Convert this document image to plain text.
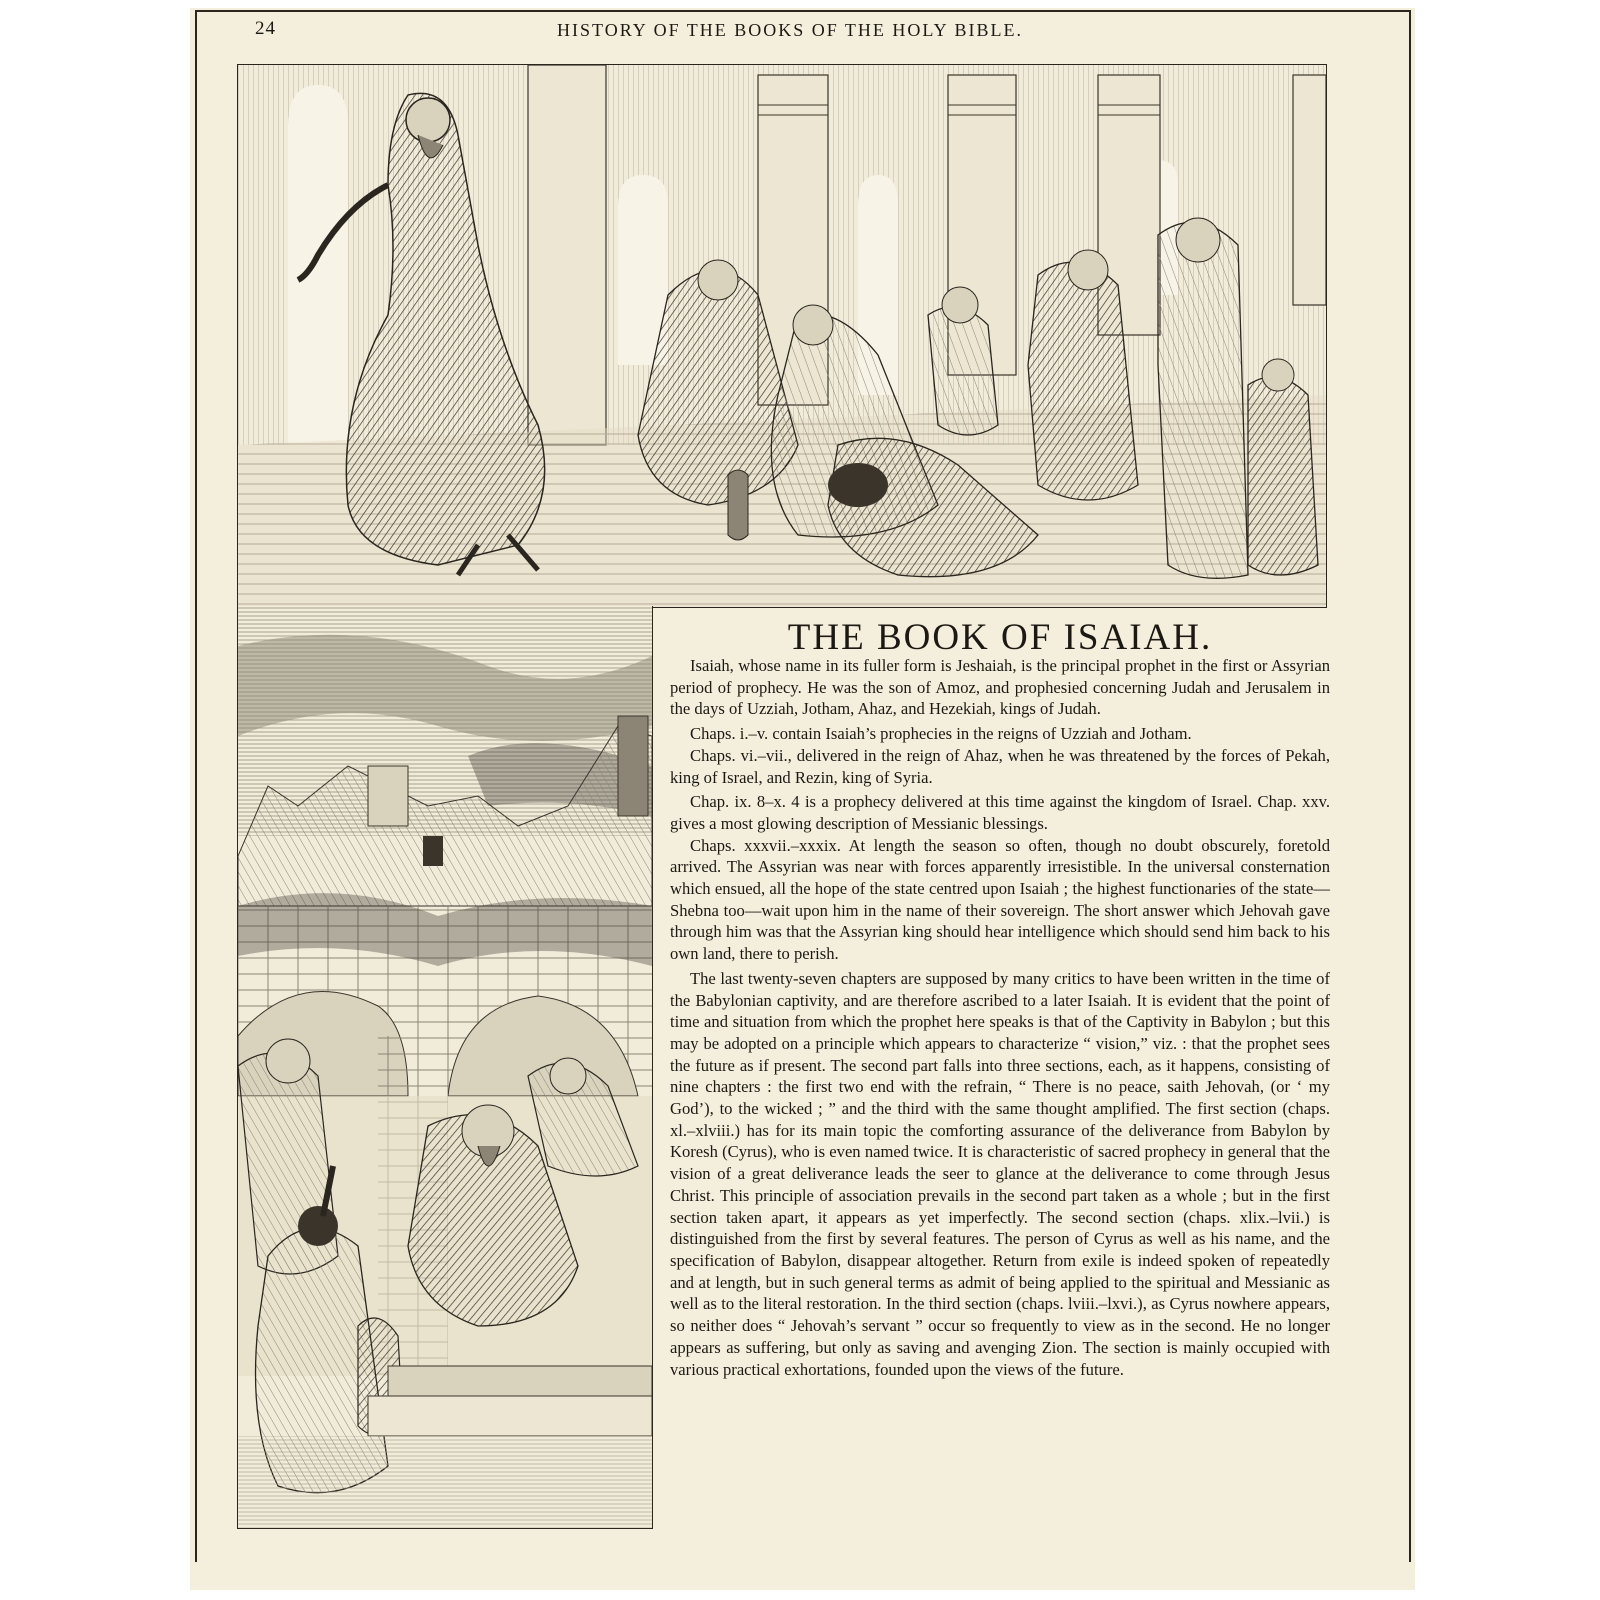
24	HISTORY OF THE BOOKS OF THE HOLY BIBLE.
THE BOOK OF ISAIAH.

Isaiah, whose name in its fuller form is Jeshaiah, is the principal prophet in the first or Assyrian period of prophecy. He was the son of Amoz, and prophesied concerning Judah and Jerusalem in the days of Uzziah, Jotham, Ahaz, and Hezekiah, kings of Judah.

Chaps. i.–v. contain Isaiah’s prophecies in the reigns of Uzziah and Jotham.

Chaps. vi.–vii., delivered in the reign of Ahaz, when he was threatened by the forces of Pekah, king of Israel, and Rezin, king of Syria.

Chap. ix. 8–x. 4 is a prophecy delivered at this time against the kingdom of Israel. Chap. xxv. gives a most glowing description of Messianic blessings.

Chaps. xxxvii.–xxxix. At length the season so often, though no doubt obscurely, foretold arrived. The Assyrian was near with forces apparently irresistible. In the universal consternation which ensued, all the hope of the state centred upon Isaiah ; the highest functionaries of the state—Shebna too—wait upon him in the name of their sovereign. The short answer which Jehovah gave through him was that the Assyrian king should hear intelligence which should send him back to his own land, there to perish.

The last twenty-seven chapters are supposed by many critics to have been written in the time of the Babylonian captivity, and are therefore ascribed to a later Isaiah. It is evident that the point of time and situation from which the prophet here speaks is that of the Captivity in Babylon ; but this may be adopted on a principle which appears to characterize “ vision,” viz. : that the prophet sees the future as if present. The second part falls into three sections, each, as it happens, consisting of nine chapters : the first two end with the refrain, “ There is no peace, saith Jehovah, (or ‘ my God’), to the wicked ; ” and the third with the same thought amplified. The first section (chaps. xl.–xlviii.) has for its main topic the comforting assurance of the deliverance from Babylon by Koresh (Cyrus), who is even named twice. It is characteristic of sacred prophecy in general that the vision of a great deliverance leads the seer to glance at the deliverance to come through Jesus Christ. This principle of association prevails in the second part taken as a whole ; but in the first section taken apart, it appears as yet imperfectly. The second section (chaps. xlix.–lvii.) is distinguished from the first by several features. The person of Cyrus as well as his name, and the specification of Babylon, disappear altogether. Return from exile is indeed spoken of repeatedly and at length, but in such general terms as admit of being applied to the spiritual and Messianic as well as to the literal restoration. In the third section (chaps. lviii.–lxvi.), as Cyrus nowhere appears, so neither does “ Jehovah’s servant ” occur so frequently to view as in the second. He no longer appears as suffering, but only as saving and avenging Zion. The section is mainly occupied with various practical exhortations, founded upon the views of the future.
